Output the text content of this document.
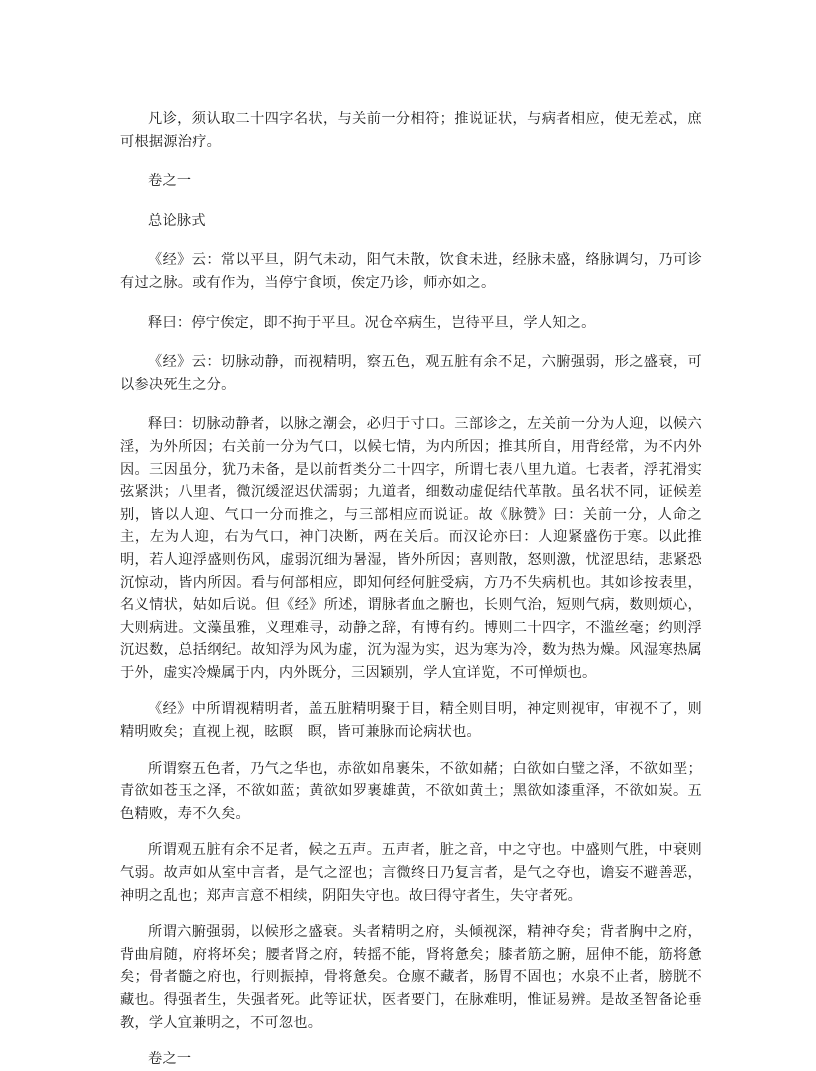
凡诊，须认取二十四字名状，与关前一分相符；推说证状，与病者相应，使无差忒，庶可根据源治疗。

卷之一

总论脉式

《经》云：常以平旦，阴气未动，阳气未散，饮食未进，经脉未盛，络脉调匀，乃可诊有过之脉。或有作为，当停宁食顷，俟定乃诊，师亦如之。

释曰：停宁俟定，即不拘于平旦。况仓卒病生，岂待平旦，学人知之。

《经》云：切脉动静，而视精明，察五色，观五脏有余不足，六腑强弱，形之盛衰，可以参决死生之分。

释曰：切脉动静者，以脉之潮会，必归于寸口。三部诊之，左关前一分为人迎，以候六淫，为外所因；右关前一分为气口，以候七情，为内所因；推其所自，用背经常，为不内外因。三因虽分，犹乃未备，是以前哲类分二十四字，所谓七表八里九道。七表者，浮芤滑实弦紧洪；八里者，微沉缓涩迟伏濡弱；九道者，细数动虚促结代革散。虽名状不同，证候差别，皆以人迎、气口一分而推之，与三部相应而说证。故《脉赞》曰：关前一分，人命之主，左为人迎，右为气口，神门决断，两在关后。而汉论亦曰：人迎紧盛伤于寒。以此推明，若人迎浮盛则伤风，虚弱沉细为暑湿，皆外所因；喜则散，怒则激，忧涩思结，悲紧恐沉惊动，皆内所因。看与何部相应，即知何经何脏受病，方乃不失病机也。其如诊按表里，名义情状，姑如后说。但《经》所述，谓脉者血之腑也，长则气治，短则气病，数则烦心，大则病进。文藻虽雅，义理难寻，动静之辞，有博有约。博则二十四字，不滥丝毫；约则浮沉迟数，总括纲纪。故知浮为风为虚，沉为湿为实，迟为寒为冷，数为热为燥。风湿寒热属于外，虚实冷燥属于内，内外既分，三因颖别，学人宜详览，不可惮烦也。

《经》中所谓视精明者，盖五脏精明聚于目，精全则目明，神定则视审，审视不了，则精明败矣；直视上视，眩瞑　瞑，皆可兼脉而论病状也。

所谓察五色者，乃气之华也，赤欲如帛裹朱，不欲如赭；白欲如白璧之泽，不欲如垩；青欲如苍玉之泽，不欲如蓝；黄欲如罗裹雄黄，不欲如黄土；黑欲如漆重泽，不欲如炭。五色精败，寿不久矣。

所谓观五脏有余不足者，候之五声。五声者，脏之音，中之守也。中盛则气胜，中衰则气弱。故声如从室中言者，是气之涩也；言微终日乃复言者，是气之夺也，谵妄不避善恶，神明之乱也；郑声言意不相续，阴阳失守也。故曰得守者生，失守者死。

所谓六腑强弱，以候形之盛衰。头者精明之府，头倾视深，精神夺矣；背者胸中之府，背曲肩随，府将坏矣；腰者肾之府，转摇不能，肾将惫矣；膝者筋之腑，屈伸不能，筋将惫矣；骨者髓之府也，行则振掉，骨将惫矣。仓廪不藏者，肠胃不固也；水泉不止者，膀胱不藏也。得强者生，失强者死。此等证状，医者要门，在脉难明，惟证易辨。是故圣智备论垂教，学人宜兼明之，不可忽也。

卷之一
